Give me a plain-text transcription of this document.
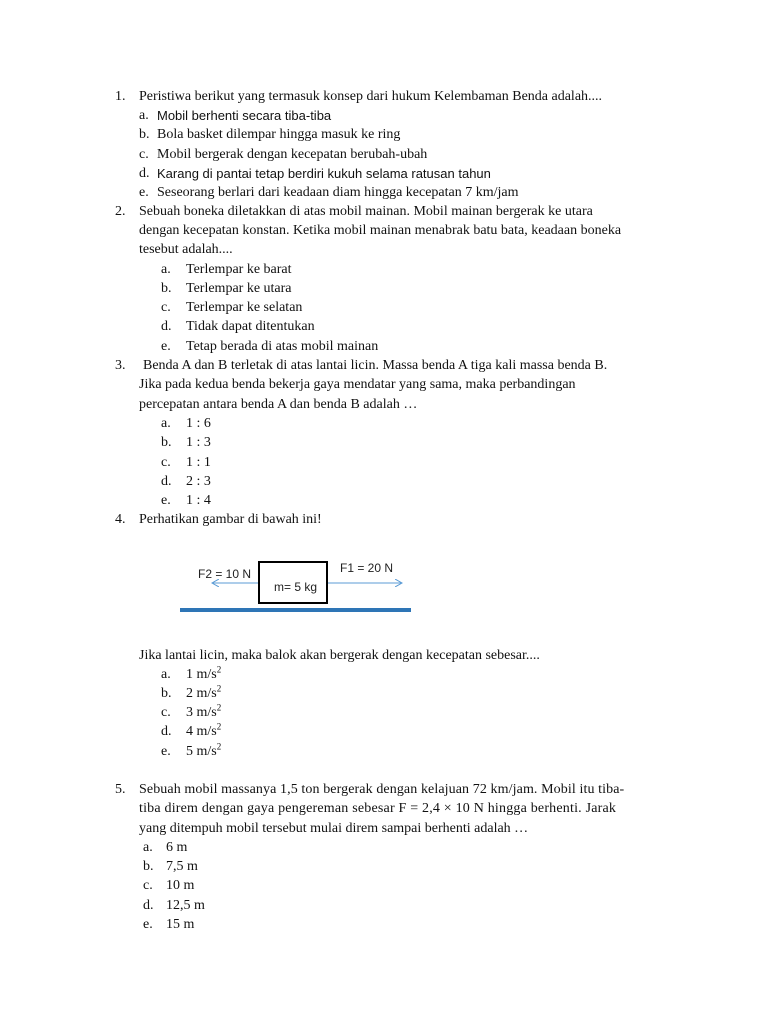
1. Peristiwa berikut yang termasuk konsep dari hukum Kelembaman Benda adalah....
a. Mobil berhenti secara tiba-tiba
b. Bola basket dilempar hingga masuk ke ring
c. Mobil bergerak dengan kecepatan berubah-ubah
d. Karang di pantai tetap berdiri kukuh selama ratusan tahun
e. Seseorang berlari dari keadaan diam hingga kecepatan 7 km/jam
2. Sebuah boneka diletakkan di atas mobil mainan. Mobil mainan bergerak ke utara
dengan kecepatan konstan. Ketika mobil mainan menabrak batu bata, keadaan boneka
tesebut adalah....
a. Terlempar ke barat
b. Terlempar ke utara
c. Terlempar ke selatan
d. Tidak dapat ditentukan
e. Tetap berada di atas mobil mainan
3. Benda A dan B terletak di atas lantai licin. Massa benda A tiga kali massa benda B.
Jika pada kedua benda bekerja gaya mendatar yang sama, maka perbandingan
percepatan antara benda A dan benda B adalah …
a. 1 : 6
b. 1 : 3
c. 1 : 1
d. 2 : 3
e. 1 : 4
4. Perhatikan gambar di bawah ini!
F2 = 10 N
m= 5 kg
F1 = 20 N
Jika lantai licin, maka balok akan bergerak dengan kecepatan sebesar....
a. 1 $m/s^2$
b. 2 $m/s^2$
c. 3 $m/s^2$
d. 4 $m/s^2$
e. 5 $m/s^2$
5. Sebuah mobil massanya 1,5 ton bergerak dengan kelajuan 72 km/jam. Mobil itu tiba-
tiba direm dengan gaya pengereman sebesar F = 2,4 × 10 N hingga berhenti. Jarak
yang ditempuh mobil tersebut mulai direm sampai berhenti adalah …
a. 6 m
b. 7,5 m
c. 10 m
d. 12,5 m
e. 15 m
